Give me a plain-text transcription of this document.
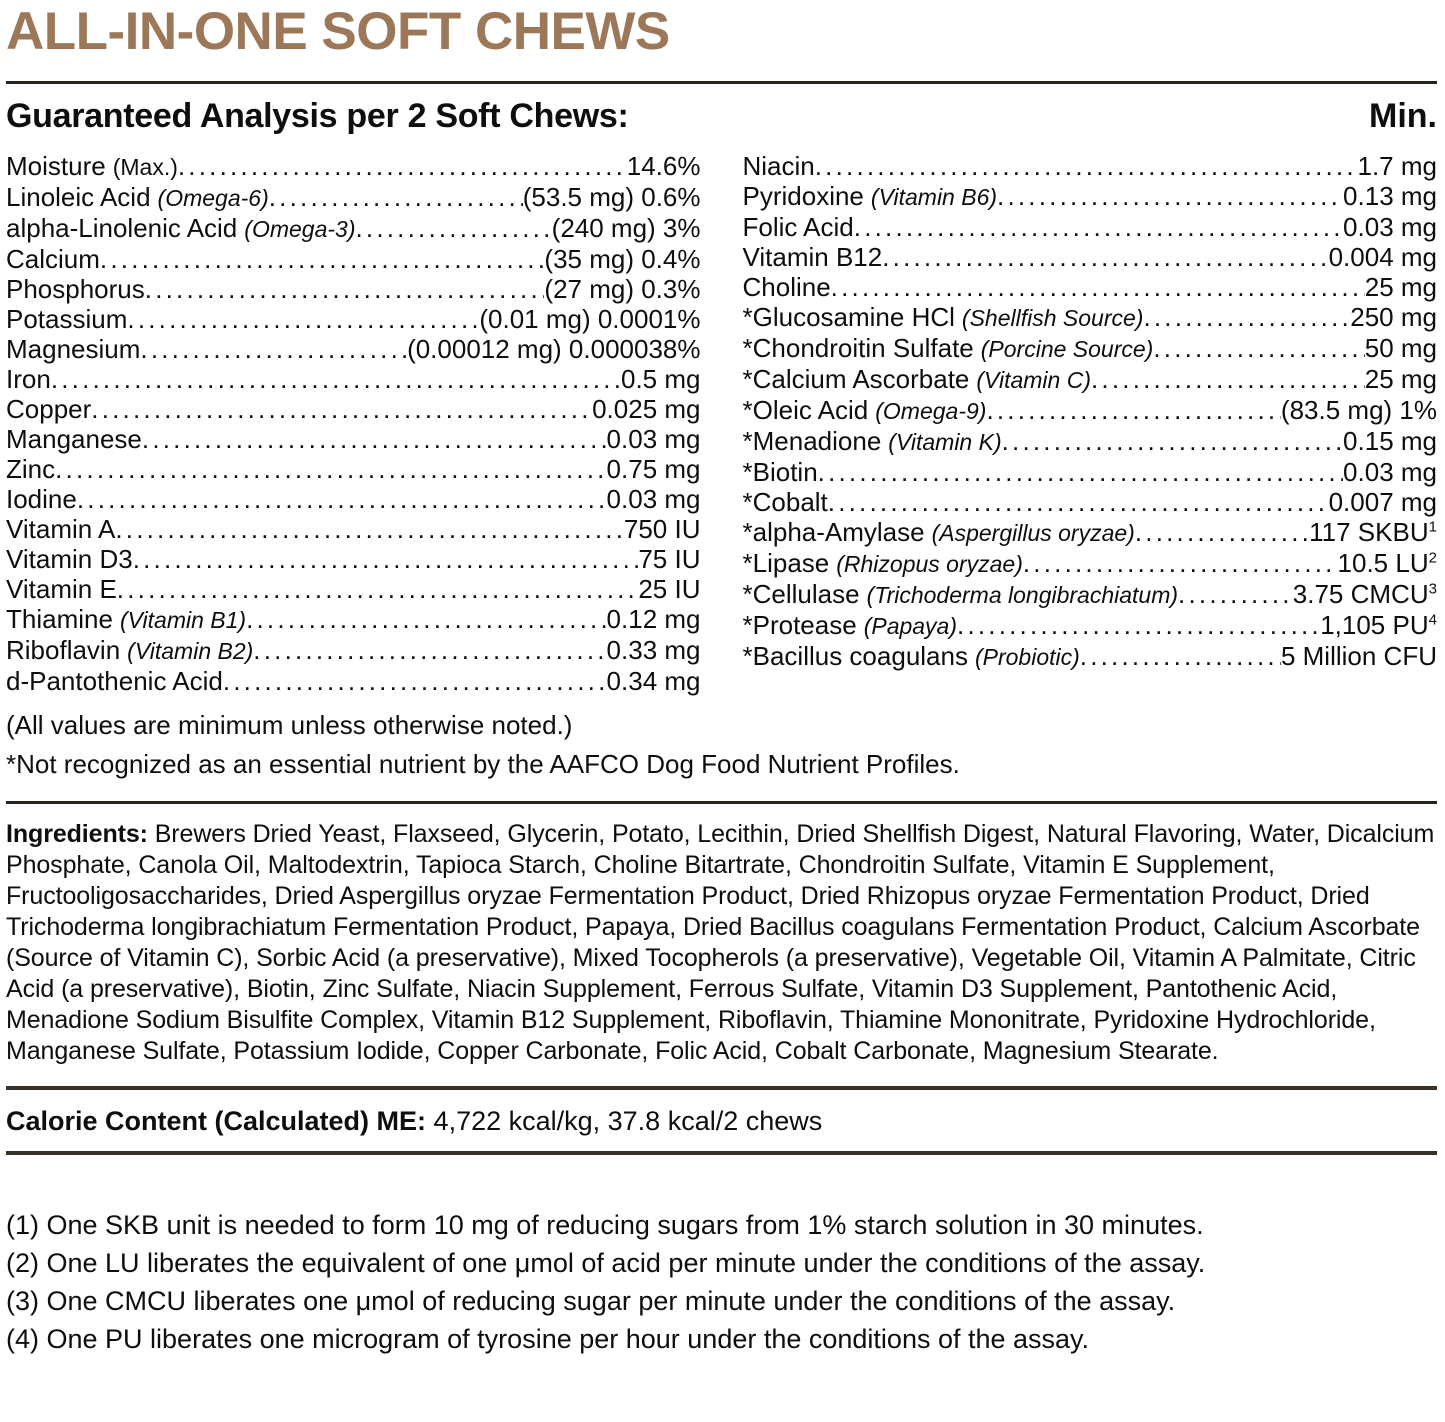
ALL-IN-ONE SOFT CHEWS
Guaranteed Analysis per 2 Soft Chews:	Min.
Moisture (Max.) .....	14.6%
Linoleic Acid (Omega-6) .....	(53.5 mg) 0.6%
alpha-Linolenic Acid (Omega-3) .....	(240 mg) 3%
Calcium .....	(35 mg) 0.4%
Phosphorus .....	(27 mg) 0.3%
Potassium .....	(0.01 mg) 0.0001%
Magnesium .....	(0.00012 mg) 0.000038%
Iron .....	0.5 mg
Copper .....	0.025 mg
Manganese .....	0.03 mg
Zinc .....	0.75 mg
Iodine .....	0.03 mg
Vitamin A .....	750 IU
Vitamin D3 .....	75 IU
Vitamin E .....	25 IU
Thiamine (Vitamin B1) .....	0.12 mg
Riboflavin (Vitamin B2) .....	0.33 mg
d-Pantothenic Acid .....	0.34 mg
Niacin .....	1.7 mg
Pyridoxine (Vitamin B6) .....	0.13 mg
Folic Acid .....	0.03 mg
Vitamin B12 .....	0.004 mg
Choline .....	25 mg
*Glucosamine HCl (Shellfish Source) .....	250 mg
*Chondroitin Sulfate (Porcine Source) .....	50 mg
*Calcium Ascorbate (Vitamin C) .....	25 mg
*Oleic Acid (Omega-9) .....	(83.5 mg) 1%
*Menadione (Vitamin K) .....	0.15 mg
*Biotin .....	0.03 mg
*Cobalt .....	0.007 mg
*alpha-Amylase (Aspergillus oryzae) .....	117 SKBU$^1$
*Lipase (Rhizopus oryzae) .....	10.5 $LU^2$
*Cellulase (Trichoderma longibrachiatum) .....	3.75 CMCU$^3$
*Protease (Papaya) .....	1,105 $PU^4$
*Bacillus coagulans (Probiotic) .....	5 Million CFU

(All values are minimum unless otherwise noted.)

*Not recognized as an essential nutrient by the AAFCO Dog Food Nutrient Profiles.

Ingredients: Brewers Dried Yeast, Flaxseed, Glycerin, Potato, Lecithin, Dried Shellfish Digest, Natural Flavoring, Water, Dicalcium Phosphate, Canola Oil, Maltodextrin, Tapioca Starch, Choline Bitartrate, Chondroitin Sulfate, Vitamin E Supplement, Fructooligosaccharides, Dried Aspergillus oryzae Fermentation Product, Dried Rhizopus oryzae Fermentation Product, Dried Trichoderma longibrachiatum Fermentation Product, Papaya, Dried Bacillus coagulans Fermentation Product, Calcium Ascorbate (Source of Vitamin C), Sorbic Acid (a preservative), Mixed Tocopherols (a preservative), Vegetable Oil, Vitamin A Palmitate, Citric Acid (a preservative), Biotin, Zinc Sulfate, Niacin Supplement, Ferrous Sulfate, Vitamin D3 Supplement, Pantothenic Acid, Menadione Sodium Bisulfite Complex, Vitamin B12 Supplement, Riboflavin, Thiamine Mononitrate, Pyridoxine Hydrochloride, Manganese Sulfate, Potassium Iodide, Copper Carbonate, Folic Acid, Cobalt Carbonate, Magnesium Stearate.

Calorie Content (Calculated) ME: 4,722 kcal/kg, 37.8 kcal/2 chews

(1) One SKB unit is needed to form 10 mg of reducing sugars from 1% starch solution in 30 minutes.

(2) One LU liberates the equivalent of one μmol of acid per minute under the conditions of the assay.

(3) One CMCU liberates one μmol of reducing sugar per minute under the conditions of the assay.

(4) One PU liberates one microgram of tyrosine per hour under the conditions of the assay.
